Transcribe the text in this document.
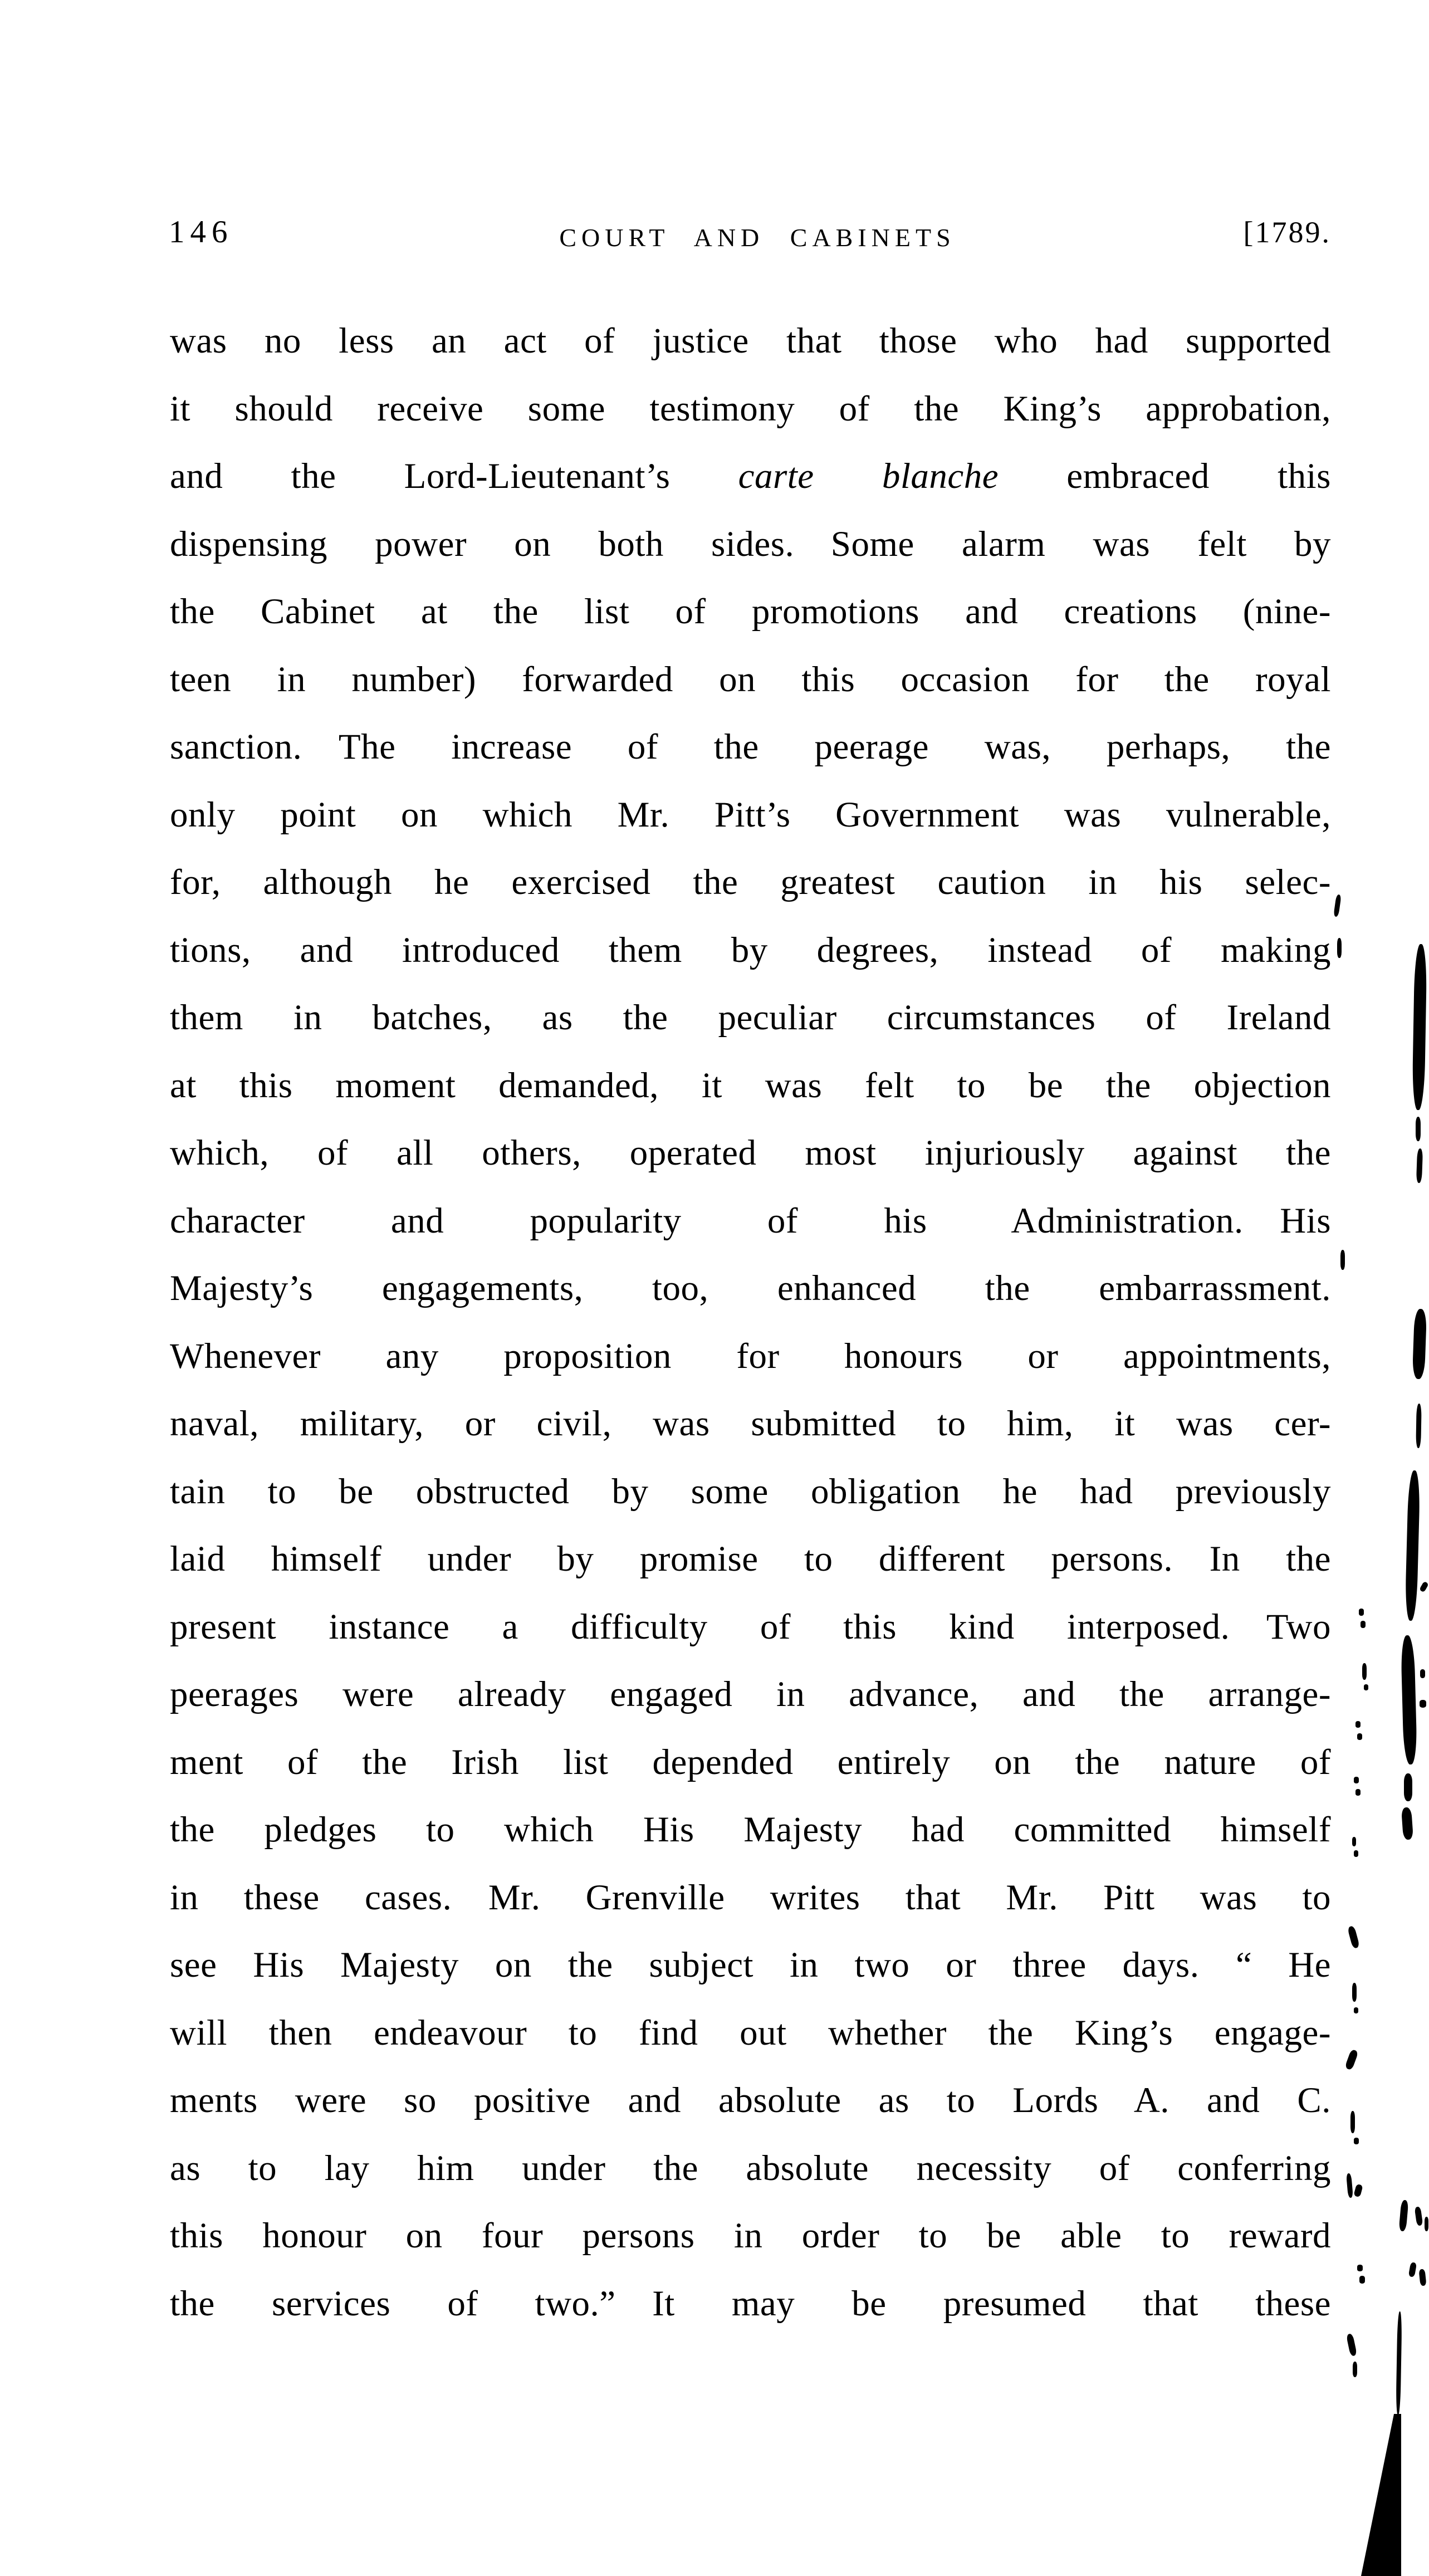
146	COURT AND CABINETS	[1789.
was no less an act of justice that those who had supported
it should receive some testimony of the King’s approbation,
and the Lord-Lieutenant’s carte blanche embraced this
dispensing power on both sides. Some alarm was felt by
the Cabinet at the list of promotions and creations (nine-
teen in number) forwarded on this occasion for the royal
sanction. The increase of the peerage was, perhaps, the
only point on which Mr. Pitt’s Government was vulnerable,
for, although he exercised the greatest caution in his selec-
tions, and introduced them by degrees, instead of making
them in batches, as the peculiar circumstances of Ireland
at this moment demanded, it was felt to be the objection
which, of all others, operated most injuriously against the
character and popularity of his Administration. His
Majesty’s engagements, too, enhanced the embarrassment.
Whenever any proposition for honours or appointments,
naval, military, or civil, was submitted to him, it was cer-
tain to be obstructed by some obligation he had previously
laid himself under by promise to different persons. In the
present instance a difficulty of this kind interposed. Two
peerages were already engaged in advance, and the arrange-
ment of the Irish list depended entirely on the nature of
the pledges to which His Majesty had committed himself
in these cases. Mr. Grenville writes that Mr. Pitt was to
see His Majesty on the subject in two or three days. “ He
will then endeavour to find out whether the King’s engage-
ments were so positive and absolute as to Lords A. and C.
as to lay him under the absolute necessity of conferring
this honour on four persons in order to be able to reward
the services of two.” It may be presumed that these
